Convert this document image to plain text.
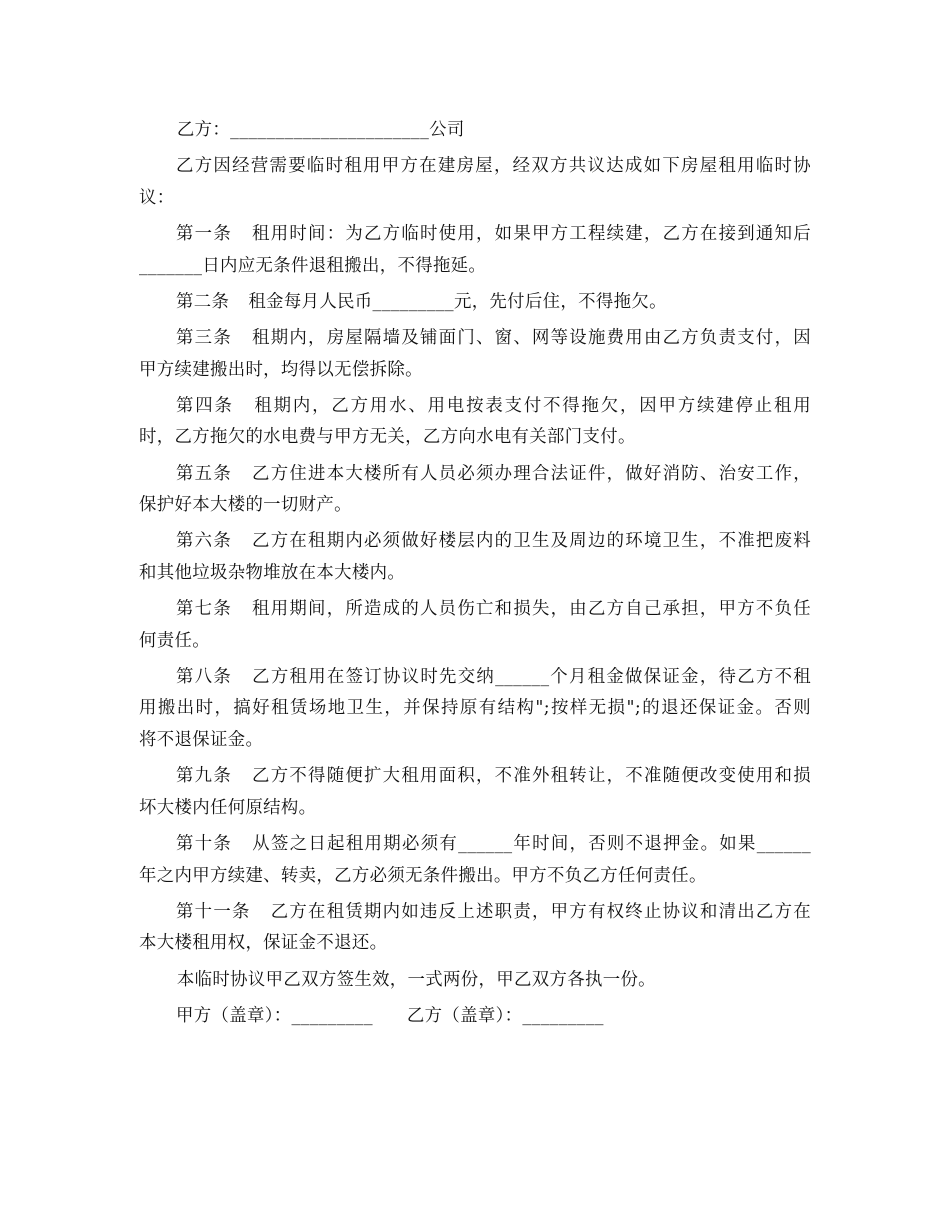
乙方：______________________公司
乙方因经营需要临时租用甲方在建房屋，经双方共议达成如下房屋租用临时协
议：
第一条 租用时间：为乙方临时使用，如果甲方工程续建，乙方在接到通知后
_______日内应无条件退租搬出，不得拖延。
第二条 租金每月人民币_________元，先付后住，不得拖欠。
第三条 租期内，房屋隔墙及铺面门、窗、网等设施费用由乙方负责支付，因
甲方续建搬出时，均得以无偿拆除。
第四条 租期内，乙方用水、用电按表支付不得拖欠，因甲方续建停止租用
时，乙方拖欠的水电费与甲方无关，乙方向水电有关部门支付。
第五条 乙方住进本大楼所有人员必须办理合法证件，做好消防、治安工作，
保护好本大楼的一切财产。
第六条 乙方在租期内必须做好楼层内的卫生及周边的环境卫生，不准把废料
和其他垃圾杂物堆放在本大楼内。
第七条 租用期间，所造成的人员伤亡和损失，由乙方自己承担，甲方不负任
何责任。
第八条 乙方租用在签订协议时先交纳______个月租金做保证金，待乙方不租
用搬出时，搞好租赁场地卫生，并保持原有结构";按样无损";的退还保证金。否则
将不退保证金。
第九条 乙方不得随便扩大租用面积，不准外租转让，不准随便改变使用和损
坏大楼内任何原结构。
第十条 从签之日起租用期必须有______年时间，否则不退押金。如果______
年之内甲方续建、转卖，乙方必须无条件搬出。甲方不负乙方任何责任。
第十一条 乙方在租赁期内如违反上述职责，甲方有权终止协议和清出乙方在
本大楼租用权，保证金不退还。
本临时协议甲乙双方签生效，一式两份，甲乙双方各执一份。
甲方（盖章）：_________ 乙方（盖章）：_________
